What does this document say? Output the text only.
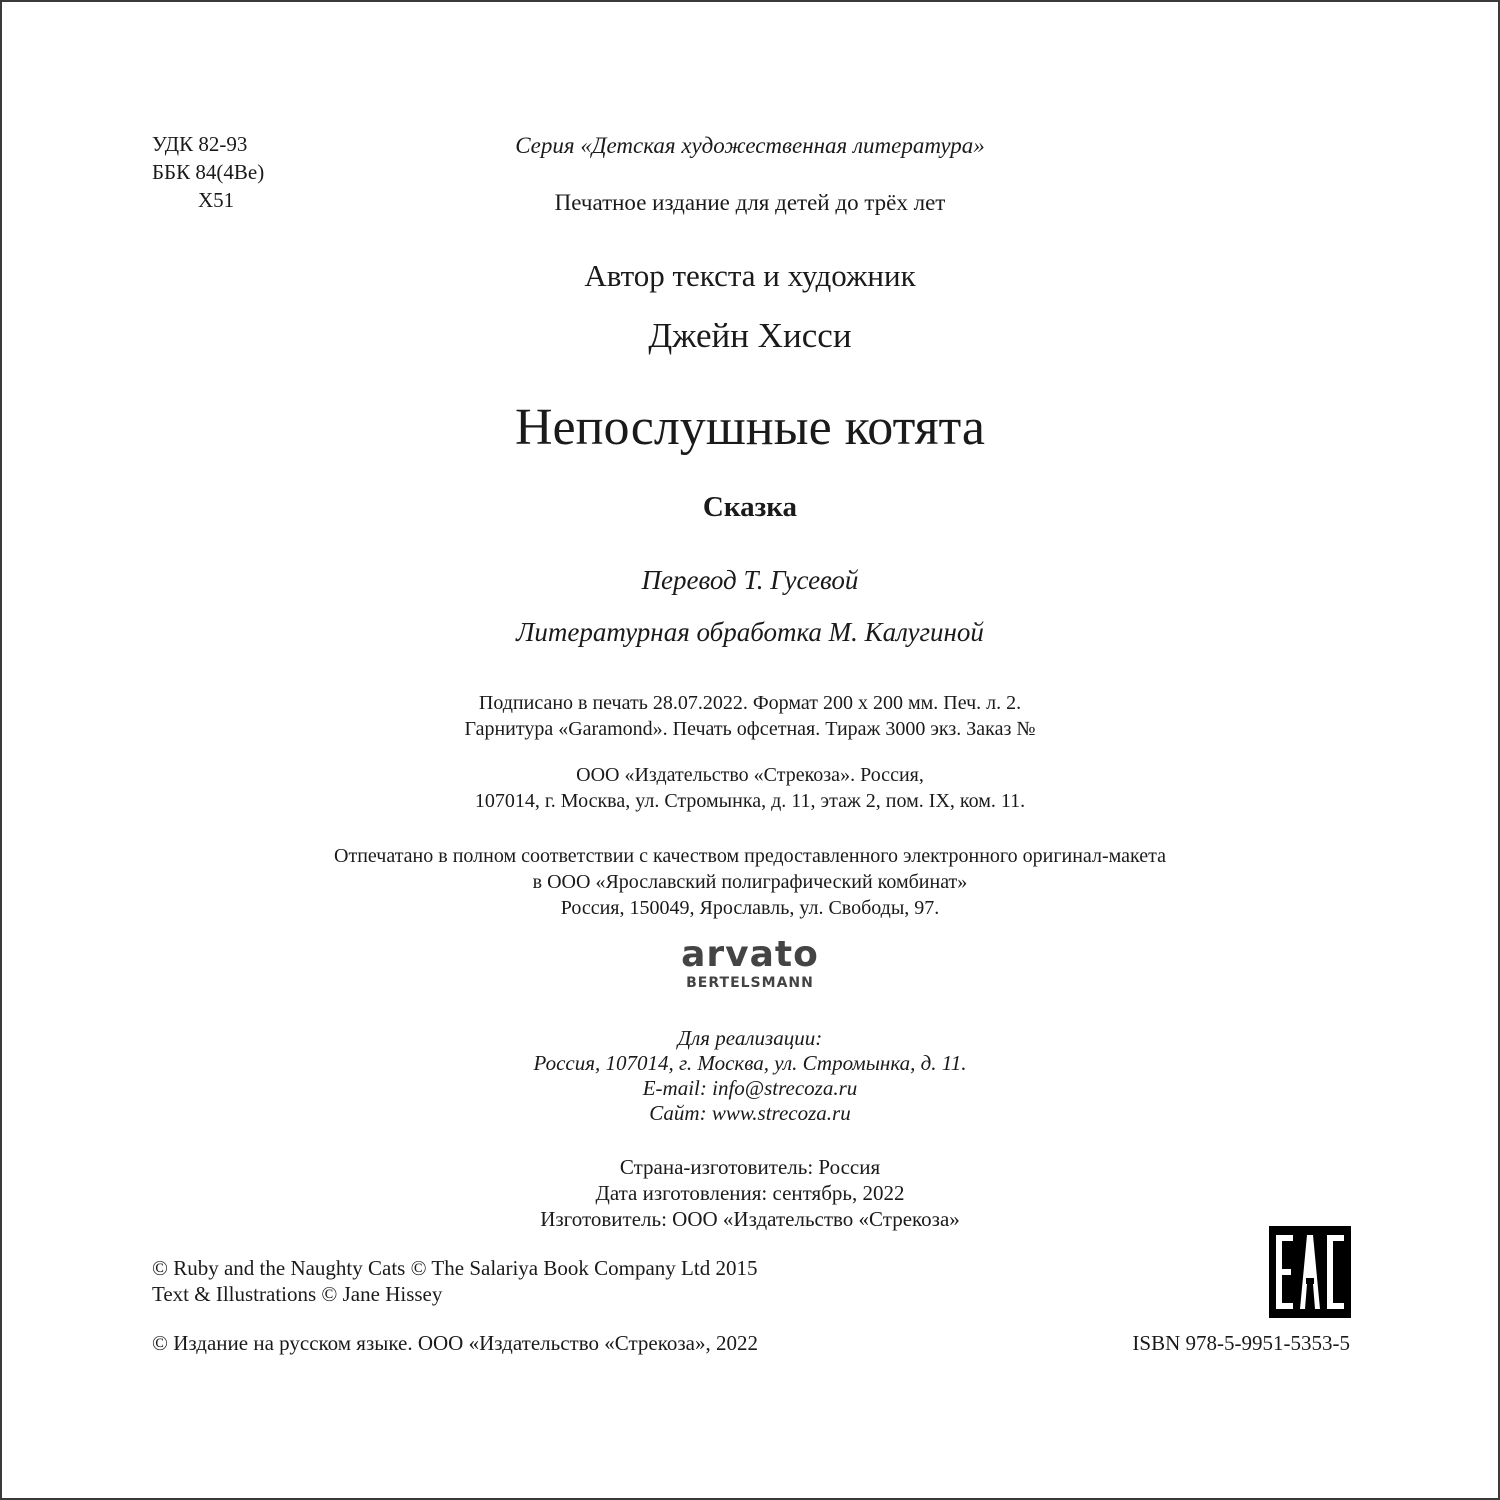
УДК 82-93
ББК 84(4Ве)
Х51
Серия «Детская художественная литература»
Печатное издание для детей до трёх лет
Автор текста и художник
Джейн Хисси
Непослушные котята
Сказка
Перевод Т. Гусевой
Литературная обработка М. Калугиной
Подписано в печать 28.07.2022. Формат 200 х 200 мм. Печ. л. 2.
Гарнитура «Garamond». Печать офсетная. Тираж 3000 экз. Заказ №
ООО «Издательство «Стрекоза». Россия,
107014, г. Москва, ул. Стромынка, д. 11, этаж 2, пом. IX, ком. 11.
Отпечатано в полном соответствии с качеством предоставленного электронного оригинал-макета
в ООО «Ярославский полиграфический комбинат»
Россия, 150049, Ярославль, ул. Свободы, 97.
arvato
BERTELSMANN
Для реализации:
Россия, 107014, г. Москва, ул. Стромынка, д. 11.
E-mail: info@strecoza.ru
Сайт: www.strecoza.ru
Страна-изготовитель: Россия
Дата изготовления: сентябрь, 2022
Изготовитель: ООО «Издательство «Стрекоза»
© Ruby and the Naughty Cats © The Salariya Book Company Ltd 2015
Text & Illustrations © Jane Hissey
© Издание на русском языке. ООО «Издательство «Стрекоза», 2022	ISBN 978-5-9951-5353-5
